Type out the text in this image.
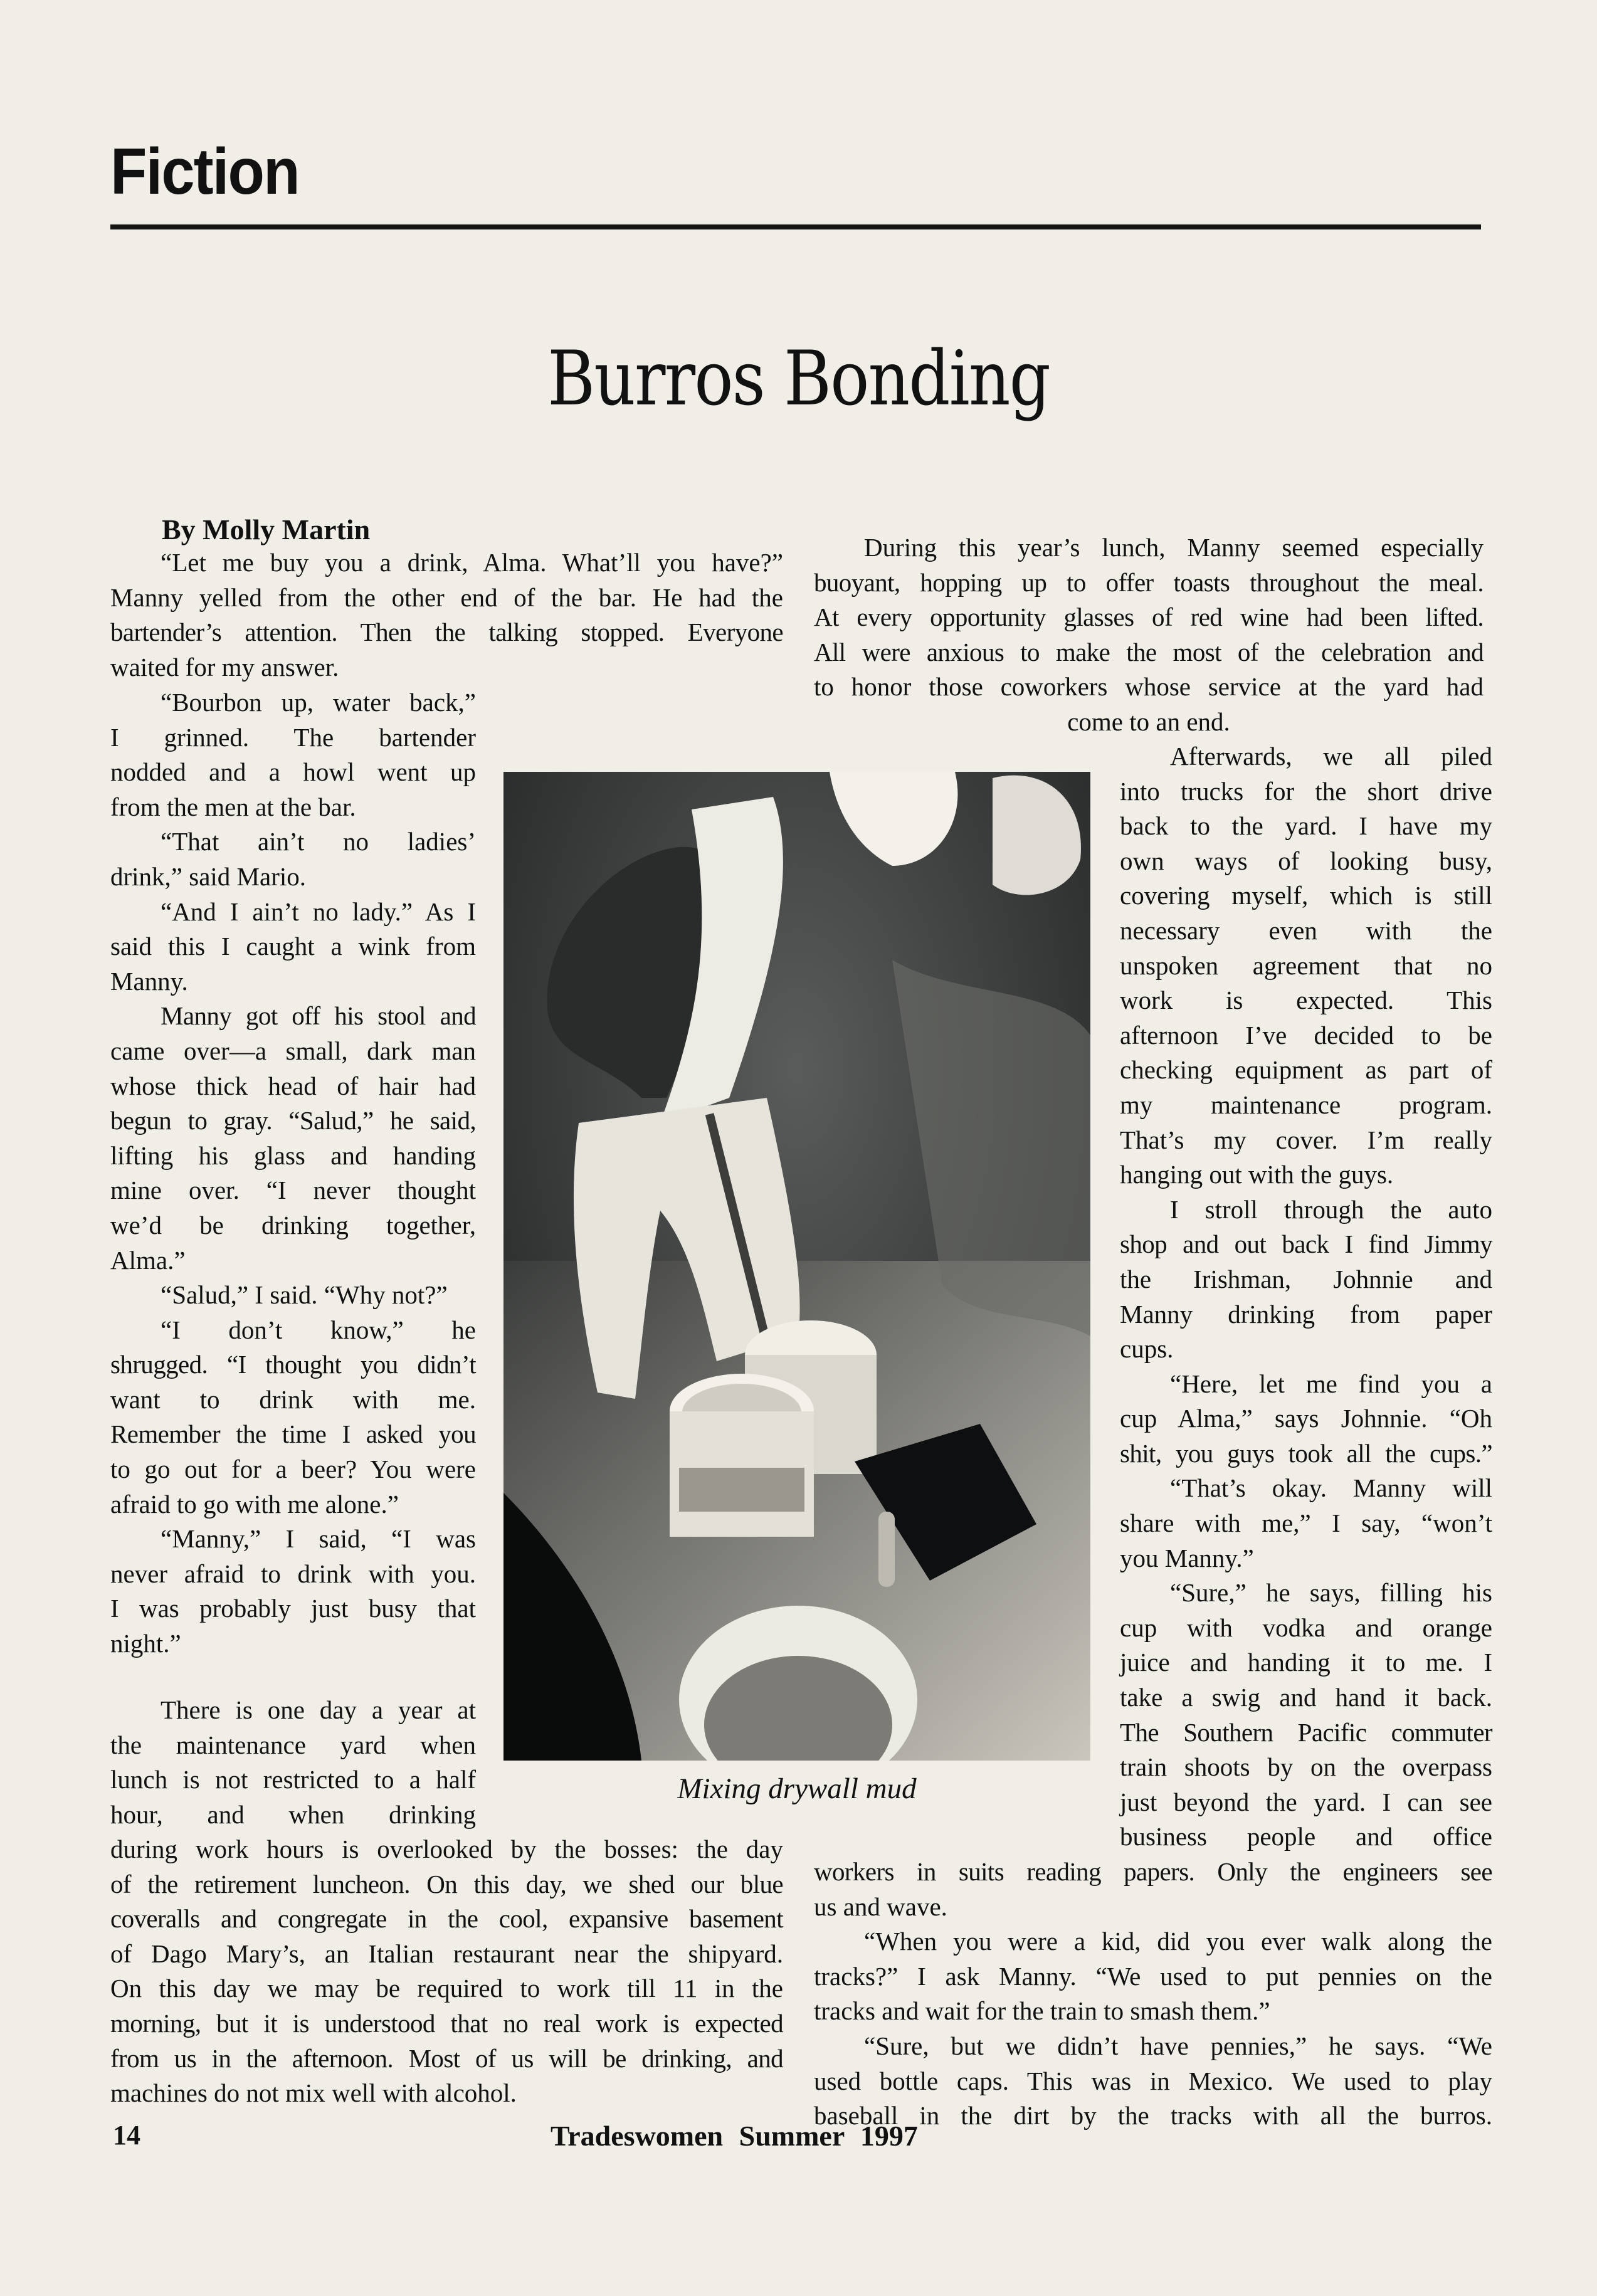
Fiction
Burros Bonding
By Molly Martin
“Let me buy you a drink, Alma. What’ll you have?”
Manny yelled from the other end of the bar. He had the
bartender’s attention. Then the talking stopped. Everyone
waited for my answer.
“Bourbon up, water back,”
I grinned. The bartender
nodded and a howl went up
from the men at the bar.
“That ain’t no ladies’
drink,” said Mario.
“And I ain’t no lady.” As I
said this I caught a wink from
Manny.
Manny got off his stool and
came over—a small, dark man
whose thick head of hair had
begun to gray. “Salud,” he said,
lifting his glass and handing
mine over. “I never thought
we’d be drinking together,
Alma.”
“Salud,” I said. “Why not?”
“I don’t know,” he
shrugged. “I thought you didn’t
want to drink with me.
Remember the time I asked you
to go out for a beer? You were
afraid to go with me alone.”
“Manny,” I said, “I was
never afraid to drink with you.
I was probably just busy that
night.”
There is one day a year at
the maintenance yard when
lunch is not restricted to a half
hour, and when drinking
during work hours is overlooked by the bosses: the day
of the retirement luncheon. On this day, we shed our blue
coveralls and congregate in the cool, expansive basement
of Dago Mary’s, an Italian restaurant near the shipyard.
On this day we may be required to work till 11 in the
morning, but it is understood that no real work is expected
from us in the afternoon. Most of us will be drinking, and
machines do not mix well with alcohol.
During this year’s lunch, Manny seemed especially
buoyant, hopping up to offer toasts throughout the meal.
At every opportunity glasses of red wine had been lifted.
All were anxious to make the most of the celebration and
to honor those coworkers whose service at the yard had
come to an end.
Afterwards, we all piled
into trucks for the short drive
back to the yard. I have my
own ways of looking busy,
covering myself, which is still
necessary even with the
unspoken agreement that no
work is expected. This
afternoon I’ve decided to be
checking equipment as part of
my maintenance program.
That’s my cover. I’m really
hanging out with the guys.
I stroll through the auto
shop and out back I find Jimmy
the Irishman, Johnnie and
Manny drinking from paper
cups.
“Here, let me find you a
cup Alma,” says Johnnie. “Oh
shit, you guys took all the cups.”
“That’s okay. Manny will
share with me,” I say, “won’t
you Manny.”
“Sure,” he says, filling his
cup with vodka and orange
juice and handing it to me. I
take a swig and hand it back.
The Southern Pacific commuter
train shoots by on the overpass
just beyond the yard. I can see
business people and office
workers in suits reading papers. Only the engineers see
us and wave.
“When you were a kid, did you ever walk along the
tracks?” I ask Manny. “We used to put pennies on the
tracks and wait for the train to smash them.”
“Sure, but we didn’t have pennies,” he says. “We
used bottle caps. This was in Mexico. We used to play
baseball in the dirt by the tracks with all the burros.
Mixing drywall mud
14	Tradeswomen Summer 1997
